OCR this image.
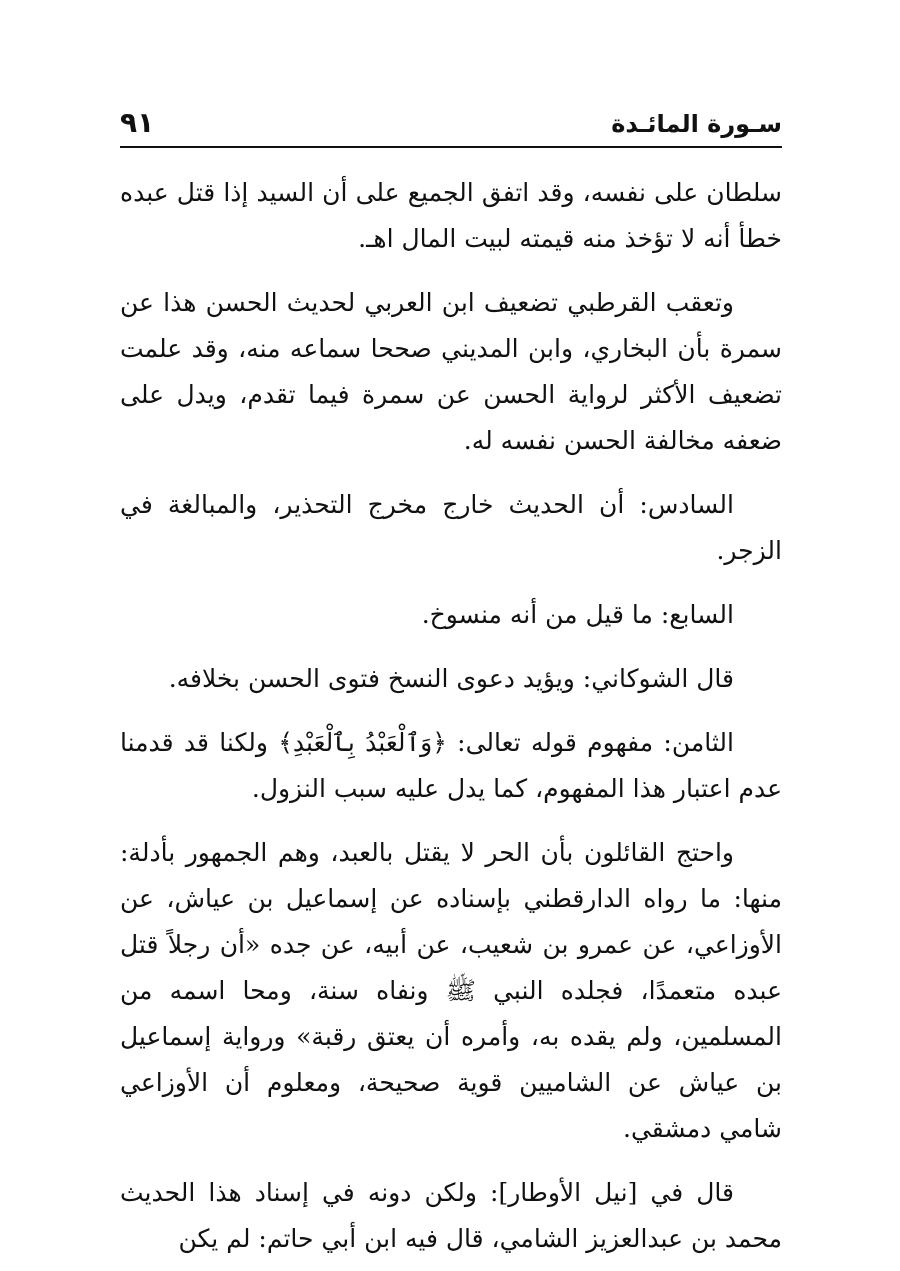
سـورة المائـدة
٩١

سلطان على نفسه، وقد اتفق الجميع على أن السيد إذا قتل عبده خطأ أنه لا تؤخذ منه قيمته لبيت المال اهـ.

وتعقب القرطبي تضعيف ابن العربي لحديث الحسن هذا عن سمرة بأن البخاري، وابن المديني صححا سماعه منه، وقد علمت تضعيف الأكثر لرواية الحسن عن سمرة فيما تقدم، ويدل على ضعفه مخالفة الحسن نفسه له.

السادس: أن الحديث خارج مخرج التحذير، والمبالغة في الزجر.

السابع: ما قيل من أنه منسوخ.

قال الشوكاني: ويؤيد دعوى النسخ فتوى الحسن بخلافه.

الثامن: مفهوم قوله تعالى: ﴿وَٱلْعَبْدُ بِٱلْعَبْدِ﴾ ولكنا قد قدمنا عدم اعتبار هذا المفهوم، كما يدل عليه سبب النزول.

واحتج القائلون بأن الحر لا يقتل بالعبد، وهم الجمهور بأدلة: منها: ما رواه الدارقطني بإسناده عن إسماعيل بن عياش، عن الأوزاعي، عن عمرو بن شعيب، عن أبيه، عن جده «أن رجلاً قتل عبده متعمدًا، فجلده النبي ﷺ ونفاه سنة، ومحا اسمه من المسلمين، ولم يقده به، وأمره أن يعتق رقبة» ورواية إسماعيل بن عياش عن الشاميين قوية صحيحة، ومعلوم أن الأوزاعي شامي دمشقي.

قال في [نيل الأوطار]: ولكن دونه في إسناد هذا الحديث محمد بن عبدالعزيز الشامي، قال فيه ابن أبي حاتم: لم يكن
